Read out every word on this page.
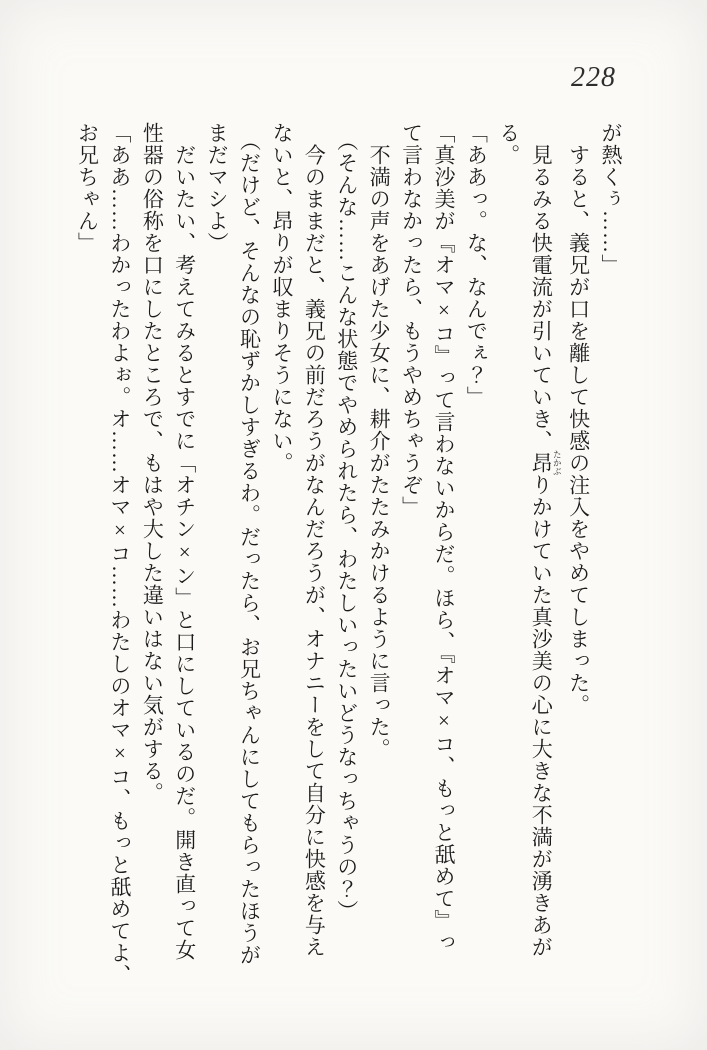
228
が熱くぅ……」
すると、義兄が口を離して快感の注入をやめてしまった。
見るみる快電流が引いていき、昂 たかぶりかけていた真沙美の心に大きな不満が湧きあが
る。
「ああっ。な、なんでぇ？」
「真沙美が『オマ×コ』って言わないからだ。ほら、『オマ×コ、もっと舐めて』っ
て言わなかったら、もうやめちゃうぞ」
不満の声をあげた少女に、耕介がたたみかけるように言った。
（そんな……こんな状態でやめられたら、わたしいったいどうなっちゃうの？）
今のままだと、義兄の前だろうがなんだろうが、オナニーをして自分に快感を与え
ないと、昂りが収まりそうにない。
（だけど、そんなの恥ずかしすぎるわ。だったら、お兄ちゃんにしてもらったほうが
まだマシよ）
だいたい、考えてみるとすでに「オチン×ン」と口にしているのだ。開き直って女
性器の俗称を口にしたところで、もはや大した違いはない気がする。
「ああ……わかったわよぉ。オ……オマ×コ……わたしのオマ×コ、もっと舐めてよ、
お兄ちゃん」
